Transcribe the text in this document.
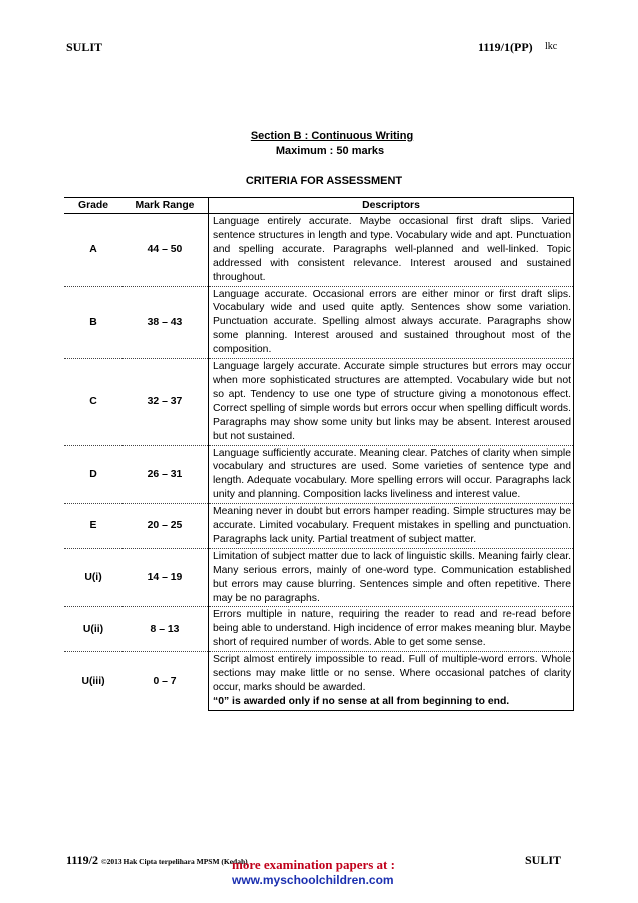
SULIT	1119/1(PP) lkc
Section B : Continuous Writing
Maximum : 50 marks
CRITERIA FOR ASSESSMENT
Grade	Mark Range	Descriptors
A	44 – 50	Language entirely accurate. Maybe occasional first draft slips. Varied sentence structures in length and type. Vocabulary wide and apt. Punctuation and spelling accurate. Paragraphs well-planned and well-linked. Topic addressed with consistent relevance. Interest aroused and sustained throughout.
B	38 – 43	Language accurate. Occasional errors are either minor or first draft slips. Vocabulary wide and used quite aptly. Sentences show some variation. Punctuation accurate. Spelling almost always accurate. Paragraphs show some planning. Interest aroused and sustained throughout most of the composition.
C	32 – 37	Language largely accurate. Accurate simple structures but errors may occur when more sophisticated structures are attempted. Vocabulary wide but not so apt. Tendency to use one type of structure giving a monotonous effect. Correct spelling of simple words but errors occur when spelling difficult words. Paragraphs may show some unity but links may be absent. Interest aroused but not sustained.
D	26 – 31	Language sufficiently accurate. Meaning clear. Patches of clarity when simple vocabulary and structures are used. Some varieties of sentence type and length. Adequate vocabulary. More spelling errors will occur. Paragraphs lack unity and planning. Composition lacks liveliness and interest value.
E	20 – 25	Meaning never in doubt but errors hamper reading. Simple structures may be accurate. Limited vocabulary. Frequent mistakes in spelling and punctuation. Paragraphs lack unity. Partial treatment of subject matter.
U(i)	14 – 19	Limitation of subject matter due to lack of linguistic skills. Meaning fairly clear. Many serious errors, mainly of one-word type. Communication established but errors may cause blurring. Sentences simple and often repetitive. There may be no paragraphs.
U(ii)	8 – 13	Errors multiple in nature, requiring the reader to read and re-read before being able to understand. High incidence of error makes meaning blur. Maybe short of required number of words. Able to get some sense.
U(iii)	0 – 7	Script almost entirely impossible to read. Full of multiple-word errors. Whole sections may make little or no sense. Where occasional patches of clarity occur, marks should be awarded.
“0” is awarded only if no sense at all from beginning to end.
1119/2 ©2013 Hak Cipta terpelihara MPSM (Kedah)
more examination papers at :
www.myschoolchildren.com
SULIT
